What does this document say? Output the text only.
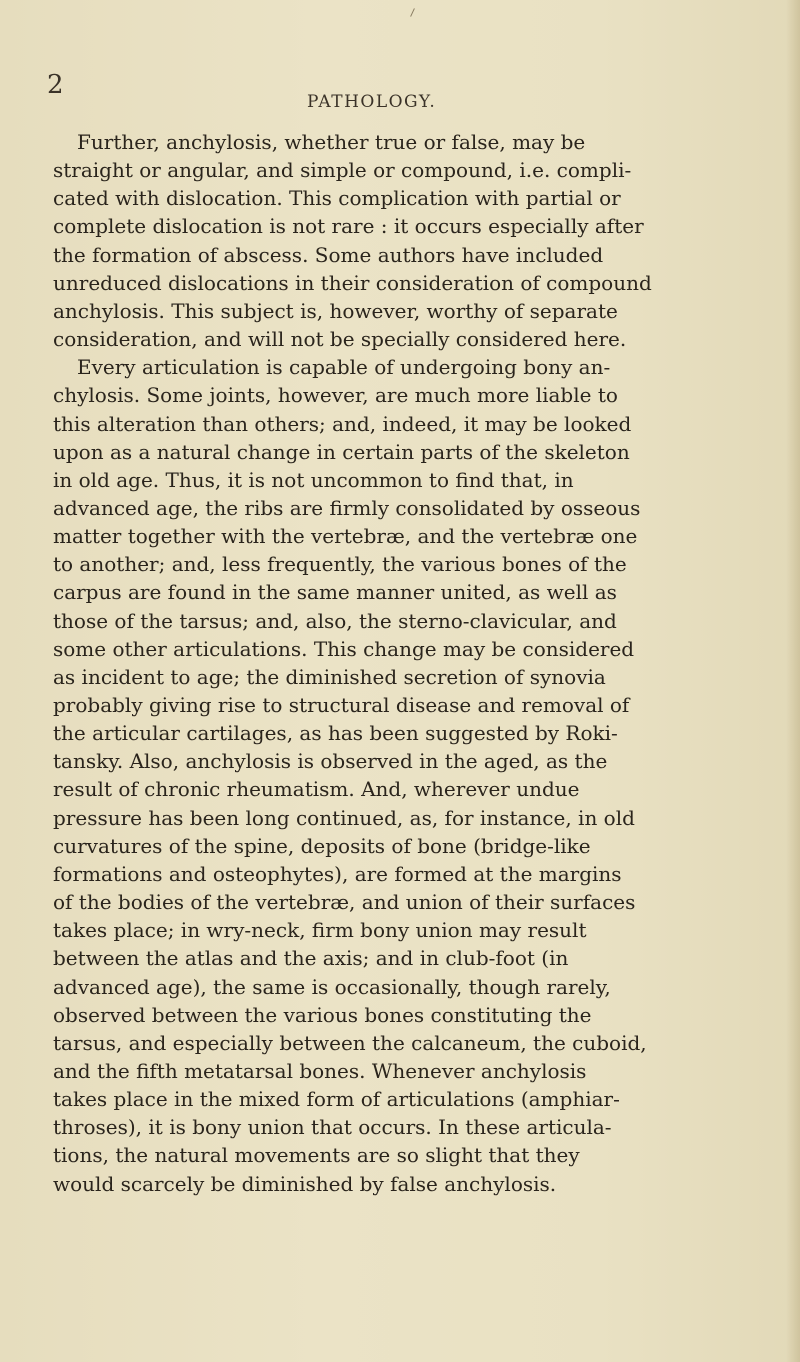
2
PATHOLOGY.
Further, anchylosis, whether true or false, may be
straight or angular, and simple or compound, i.e. compli-
cated with dislocation. This complication with partial or
complete dislocation is not rare : it occurs especially after
the formation of abscess. Some authors have included
unreduced dislocations in their consideration of compound
anchylosis. This subject is, however, worthy of separate
consideration, and will not be specially considered here.
Every articulation is capable of undergoing bony an-
chylosis. Some joints, however, are much more liable to
this alteration than others; and, indeed, it may be looked
upon as a natural change in certain parts of the skeleton
in old age. Thus, it is not uncommon to find that, in
advanced age, the ribs are firmly consolidated by osseous
matter together with the vertebræ, and the vertebræ one
to another; and, less frequently, the various bones of the
carpus are found in the same manner united, as well as
those of the tarsus; and, also, the sterno-clavicular, and
some other articulations. This change may be considered
as incident to age; the diminished secretion of synovia
probably giving rise to structural disease and removal of
the articular cartilages, as has been suggested by Roki-
tansky. Also, anchylosis is observed in the aged, as the
result of chronic rheumatism. And, wherever undue
pressure has been long continued, as, for instance, in old
curvatures of the spine, deposits of bone (bridge-like
formations and osteophytes), are formed at the margins
of the bodies of the vertebræ, and union of their surfaces
takes place; in wry-neck, firm bony union may result
between the atlas and the axis; and in club-foot (in
advanced age), the same is occasionally, though rarely,
observed between the various bones constituting the
tarsus, and especially between the calcaneum, the cuboid,
and the fifth metatarsal bones. Whenever anchylosis
takes place in the mixed form of articulations (amphiar-
throses), it is bony union that occurs. In these articula-
tions, the natural movements are so slight that they
would scarcely be diminished by false anchylosis.
